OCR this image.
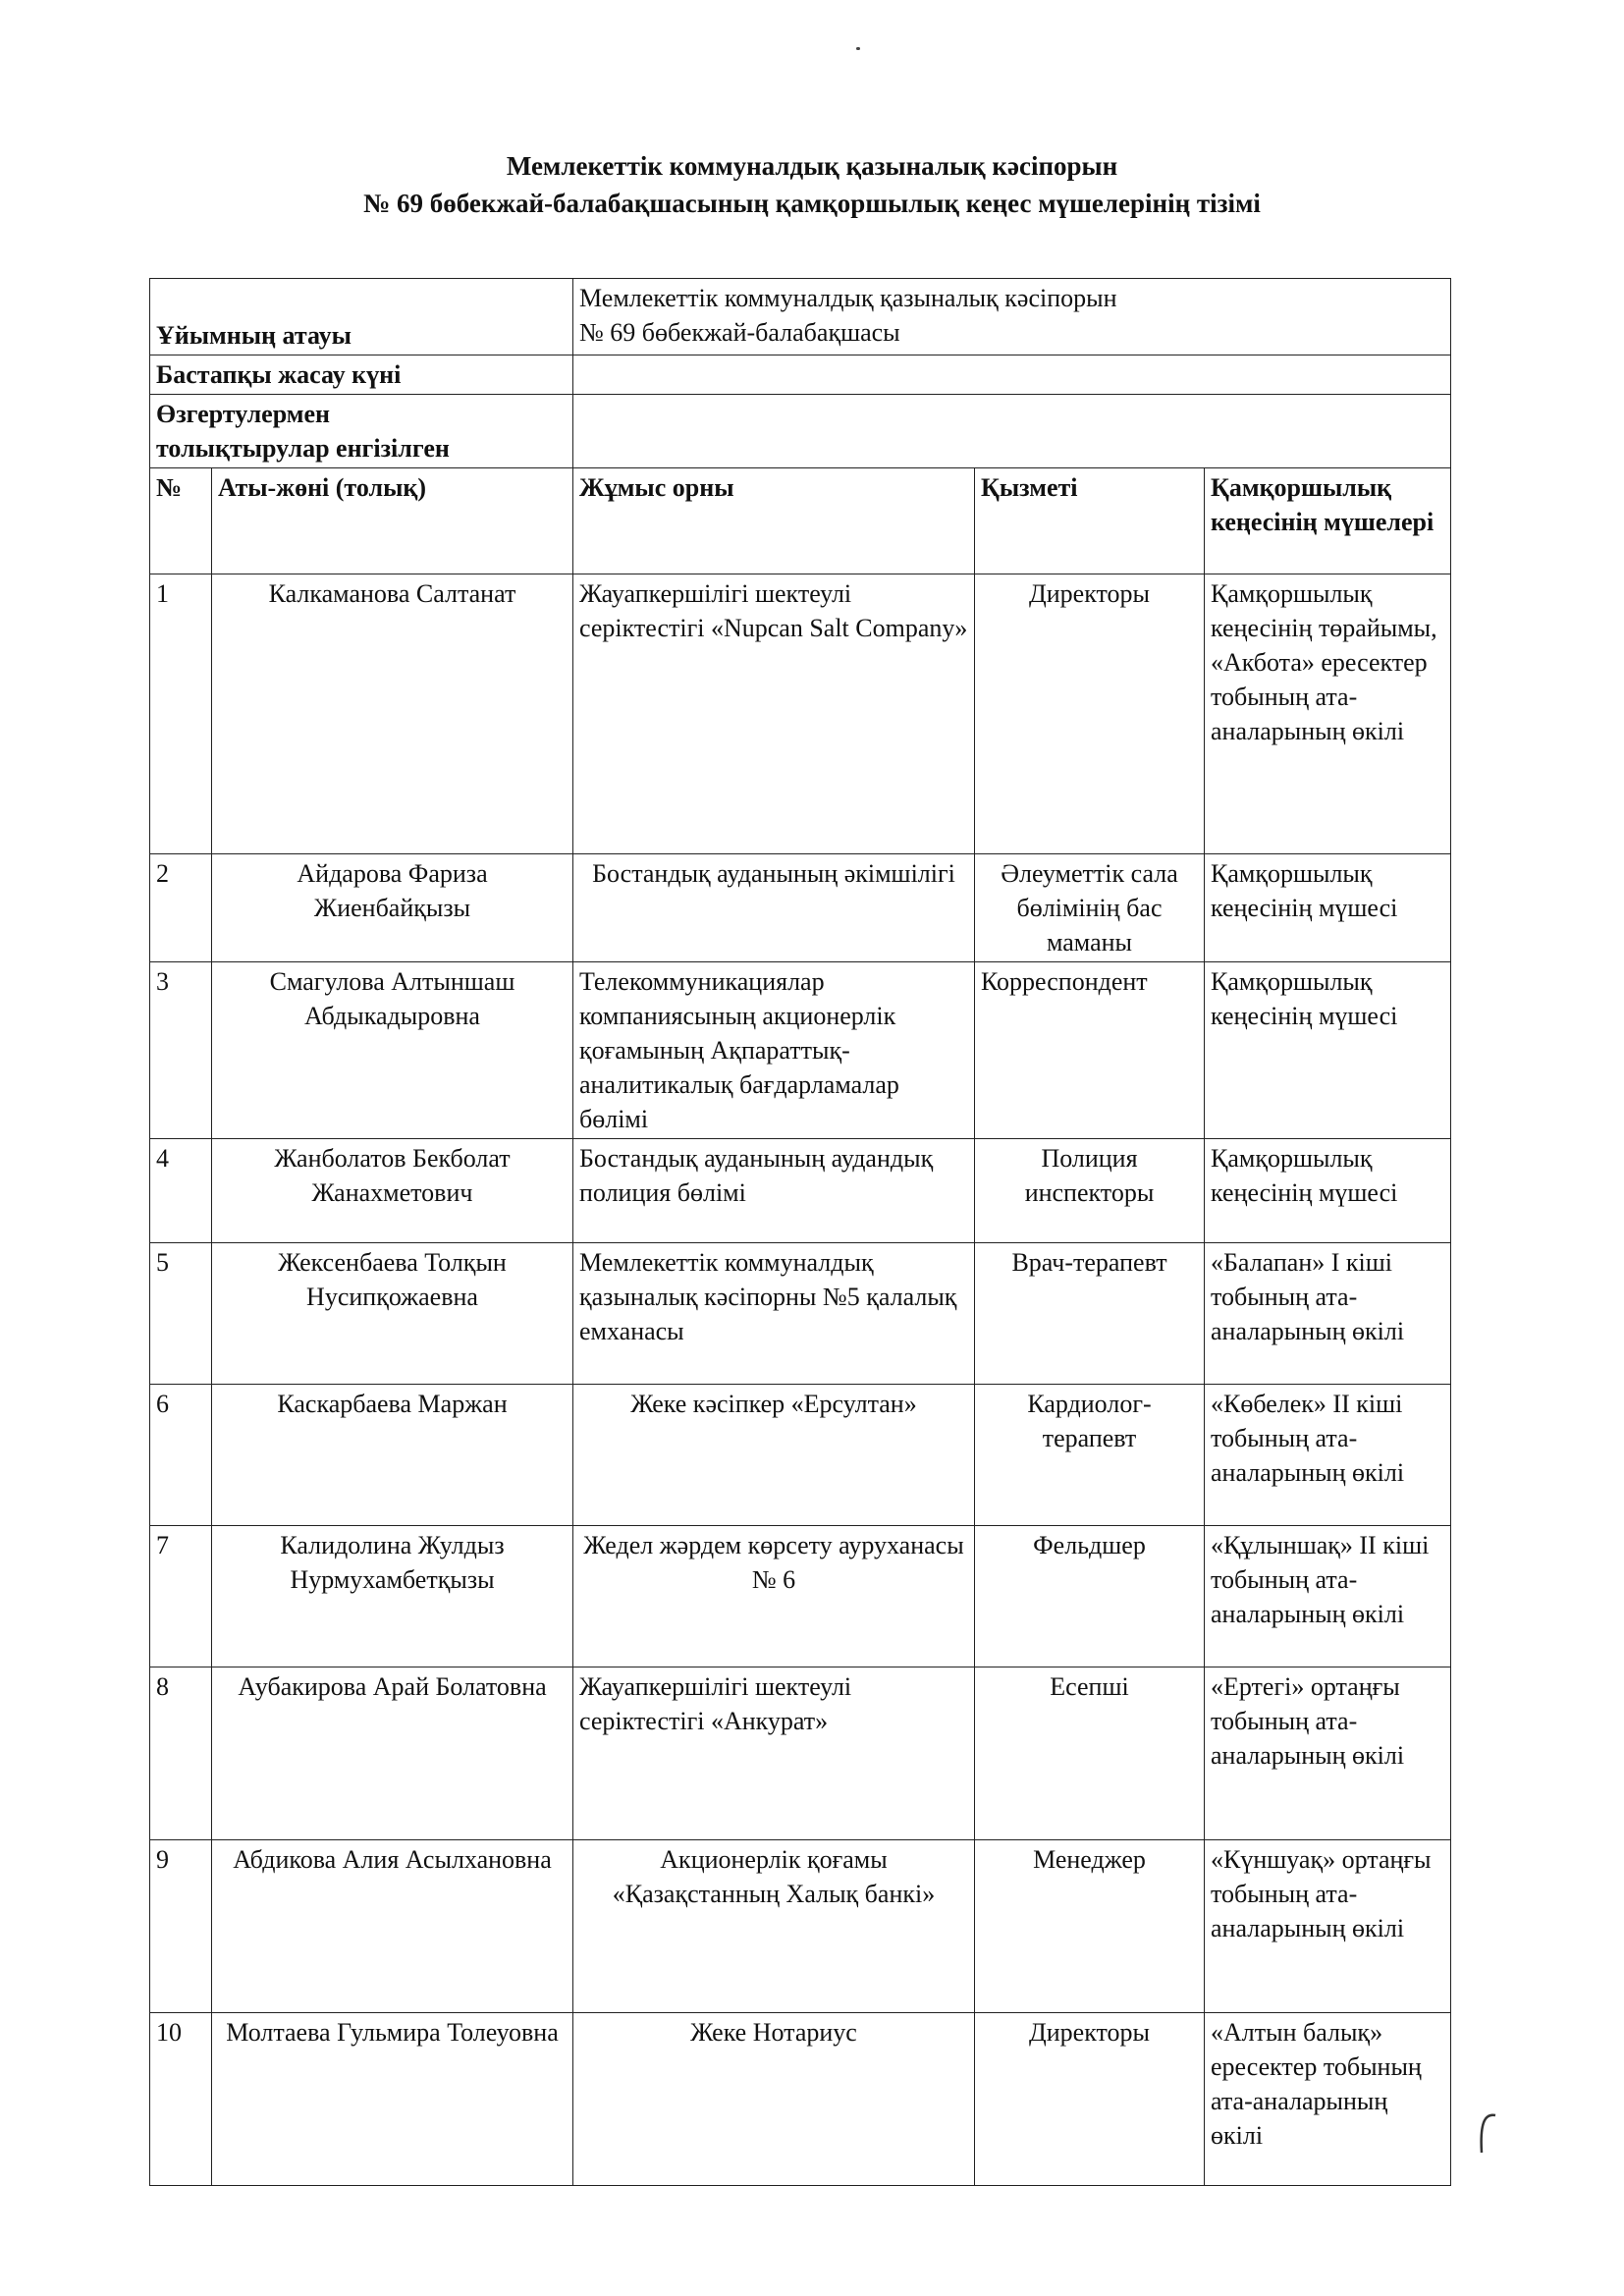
Мемлекеттік коммуналдық қазыналық кәсіпорын
№ 69 бөбекжай-балабақшасының қамқоршылық кеңес мүшелерінің тізімі
Ұйымның атауы		Мемлекеттік коммуналдық қазыналық кәсіпорын
№ 69 бөбекжай-балабақшасы		

Бастапқы жасау күні				

Өзгертулермен
толықтырулар енгізілген				

№	Аты-жөні (толық)	Жұмыс орны	Қызметі	Қамқоршылық кеңесінің мүшелері
1	Калкаманова Салтанат	Жауапкершілігі шектеулі серіктестігі «Nupcan Salt Company»	Директоры	Қамқоршылық кеңесінің төрайымы, «Акбота» ересектер тобының ата-аналарының өкілі
2	Айдарова Фариза Жиенбайқызы	Бостандық ауданының әкімшілігі	Әлеуметтік сала бөлімінің бас маманы	Қамқоршылық кеңесінің мүшесі
3	Смагулова Алтыншаш Абдыкадыровна	Телекоммуникациялар компаниясының акционерлік қоғамының Ақпараттық-аналитикалық бағдарламалар бөлімі	Корреспондент	Қамқоршылық кеңесінің мүшесі
4	Жанболатов Бекболат Жанахметович	Бостандық ауданының аудандық полиция бөлімі	Полиция инспекторы	Қамқоршылық кеңесінің мүшесі
5	Жексенбаева Толқын Нусипқожаевна	Мемлекеттік коммуналдық қазыналық кәсіпорны №5 қалалық емханасы	Врач-терапевт	«Балапан» І кіші тобының ата-аналарының өкілі
6	Каскарбаева Маржан	Жеке кәсіпкер «Ерсултан»	Кардиолог-терапевт	«Көбелек» ІІ кіші тобының ата-аналарының өкілі
7	Калидолина Жулдыз Нурмухамбетқызы	Жедел жәрдем көрсету ауруханасы № 6	Фельдшер	«Құлыншақ» ІІ кіші тобының ата-аналарының өкілі
8	Аубакирова Арай Болатовна	Жауапкершілігі шектеулі серіктестігі «Анкурат»	Есепші	«Ертегі» ортаңғы тобының ата-аналарының өкілі
9	Абдикова Алия Асылхановна	Акционерлік қоғамы «Қазақстанның Халық банкі»	Менеджер	«Күншуақ» ортаңғы тобының ата-аналарының өкілі
10	Молтаева Гульмира Толеуовна	Жеке Нотариус	Директоры	«Алтын балық» ересектер тобының ата-аналарының өкілі
